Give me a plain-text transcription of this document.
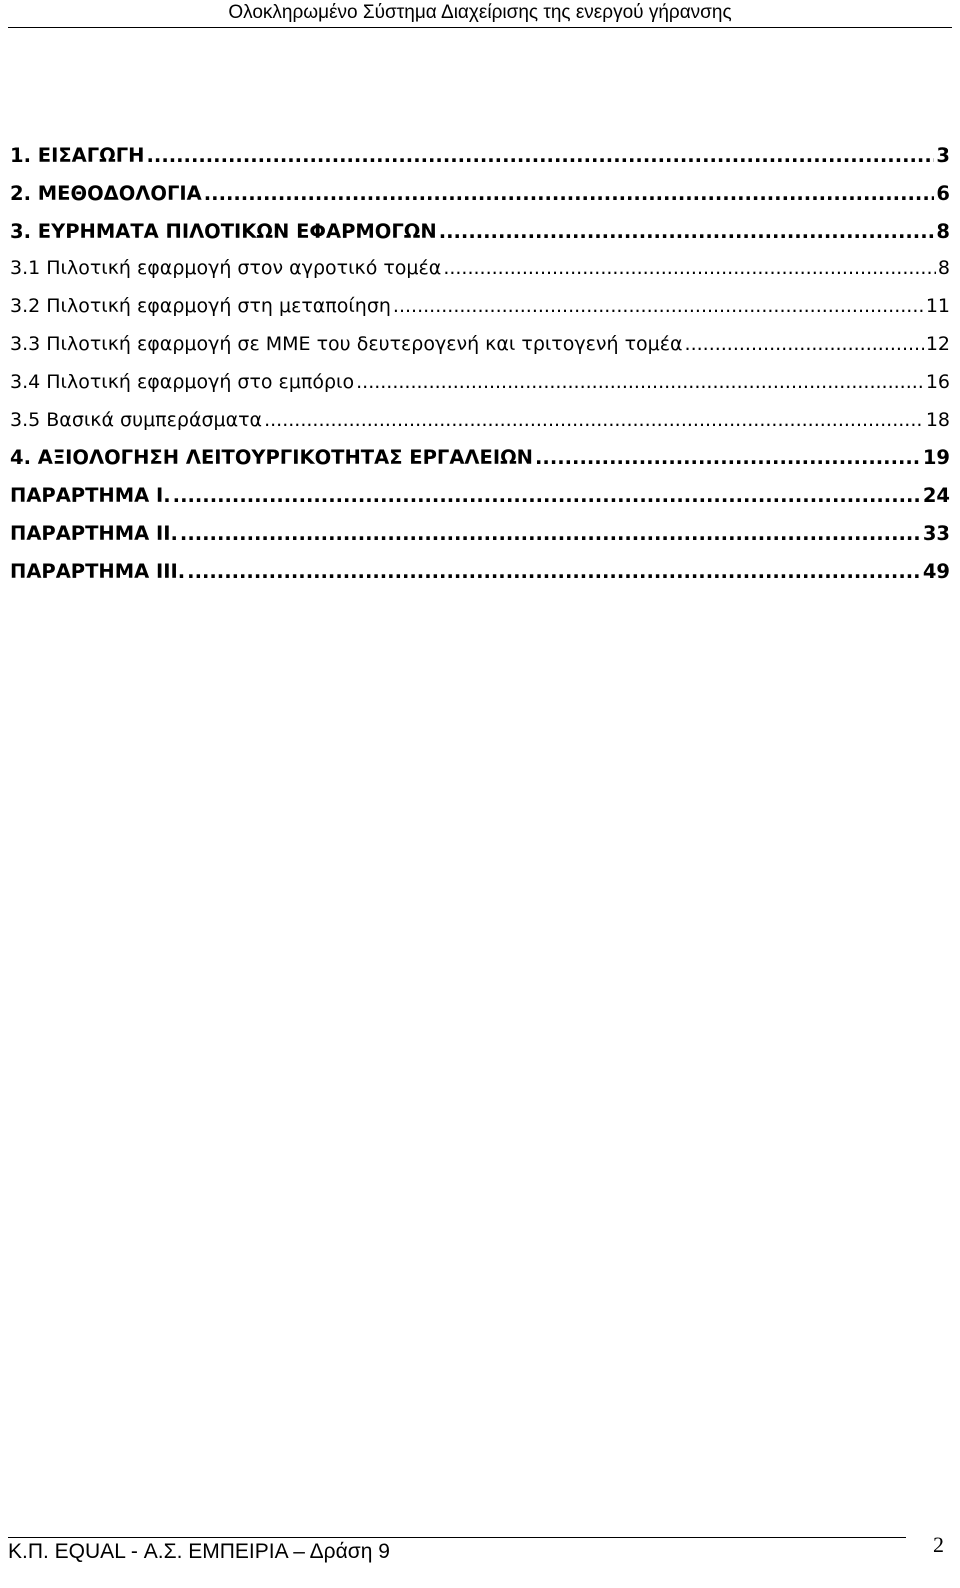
Ολοκληρωμένο Σύστημα Διαχείρισης της ενεργού γήρανσης
1. ΕΙΣΑΓΩΓΗ .....	3
2. ΜΕΘΟΔΟΛΟΓΙΑ .....	6
3. ΕΥΡΗΜΑΤΑ ΠΙΛΟΤΙΚΩΝ ΕΦΑΡΜΟΓΩΝ .....	8
3.1 Πιλοτική εφαρμογή στον αγροτικό τομέα .....	8
3.2 Πιλοτική εφαρμογή στη μεταποίηση .....	11
3.3 Πιλοτική εφαρμογή σε ΜΜΕ του δευτερογενή και τριτογενή τομέα .....	12
3.4 Πιλοτική εφαρμογή στο εμπόριο .....	16
3.5 Βασικά συμπεράσματα .....	18
4. ΑΞΙΟΛΟΓΗΣΗ ΛΕΙΤΟΥΡΓΙΚΟΤΗΤΑΣ ΕΡΓΑΛΕΙΩΝ .....	19
ΠΑΡΑΡΤΗΜΑ Ι. .....	24
ΠΑΡΑΡΤΗΜΑ ΙΙ. .....	33
ΠΑΡΑΡΤΗΜΑ ΙΙΙ. .....	49
Κ.Π. EQUAL - Α.Σ. ΕΜΠΕΙΡΙΑ – Δράση 9	2
